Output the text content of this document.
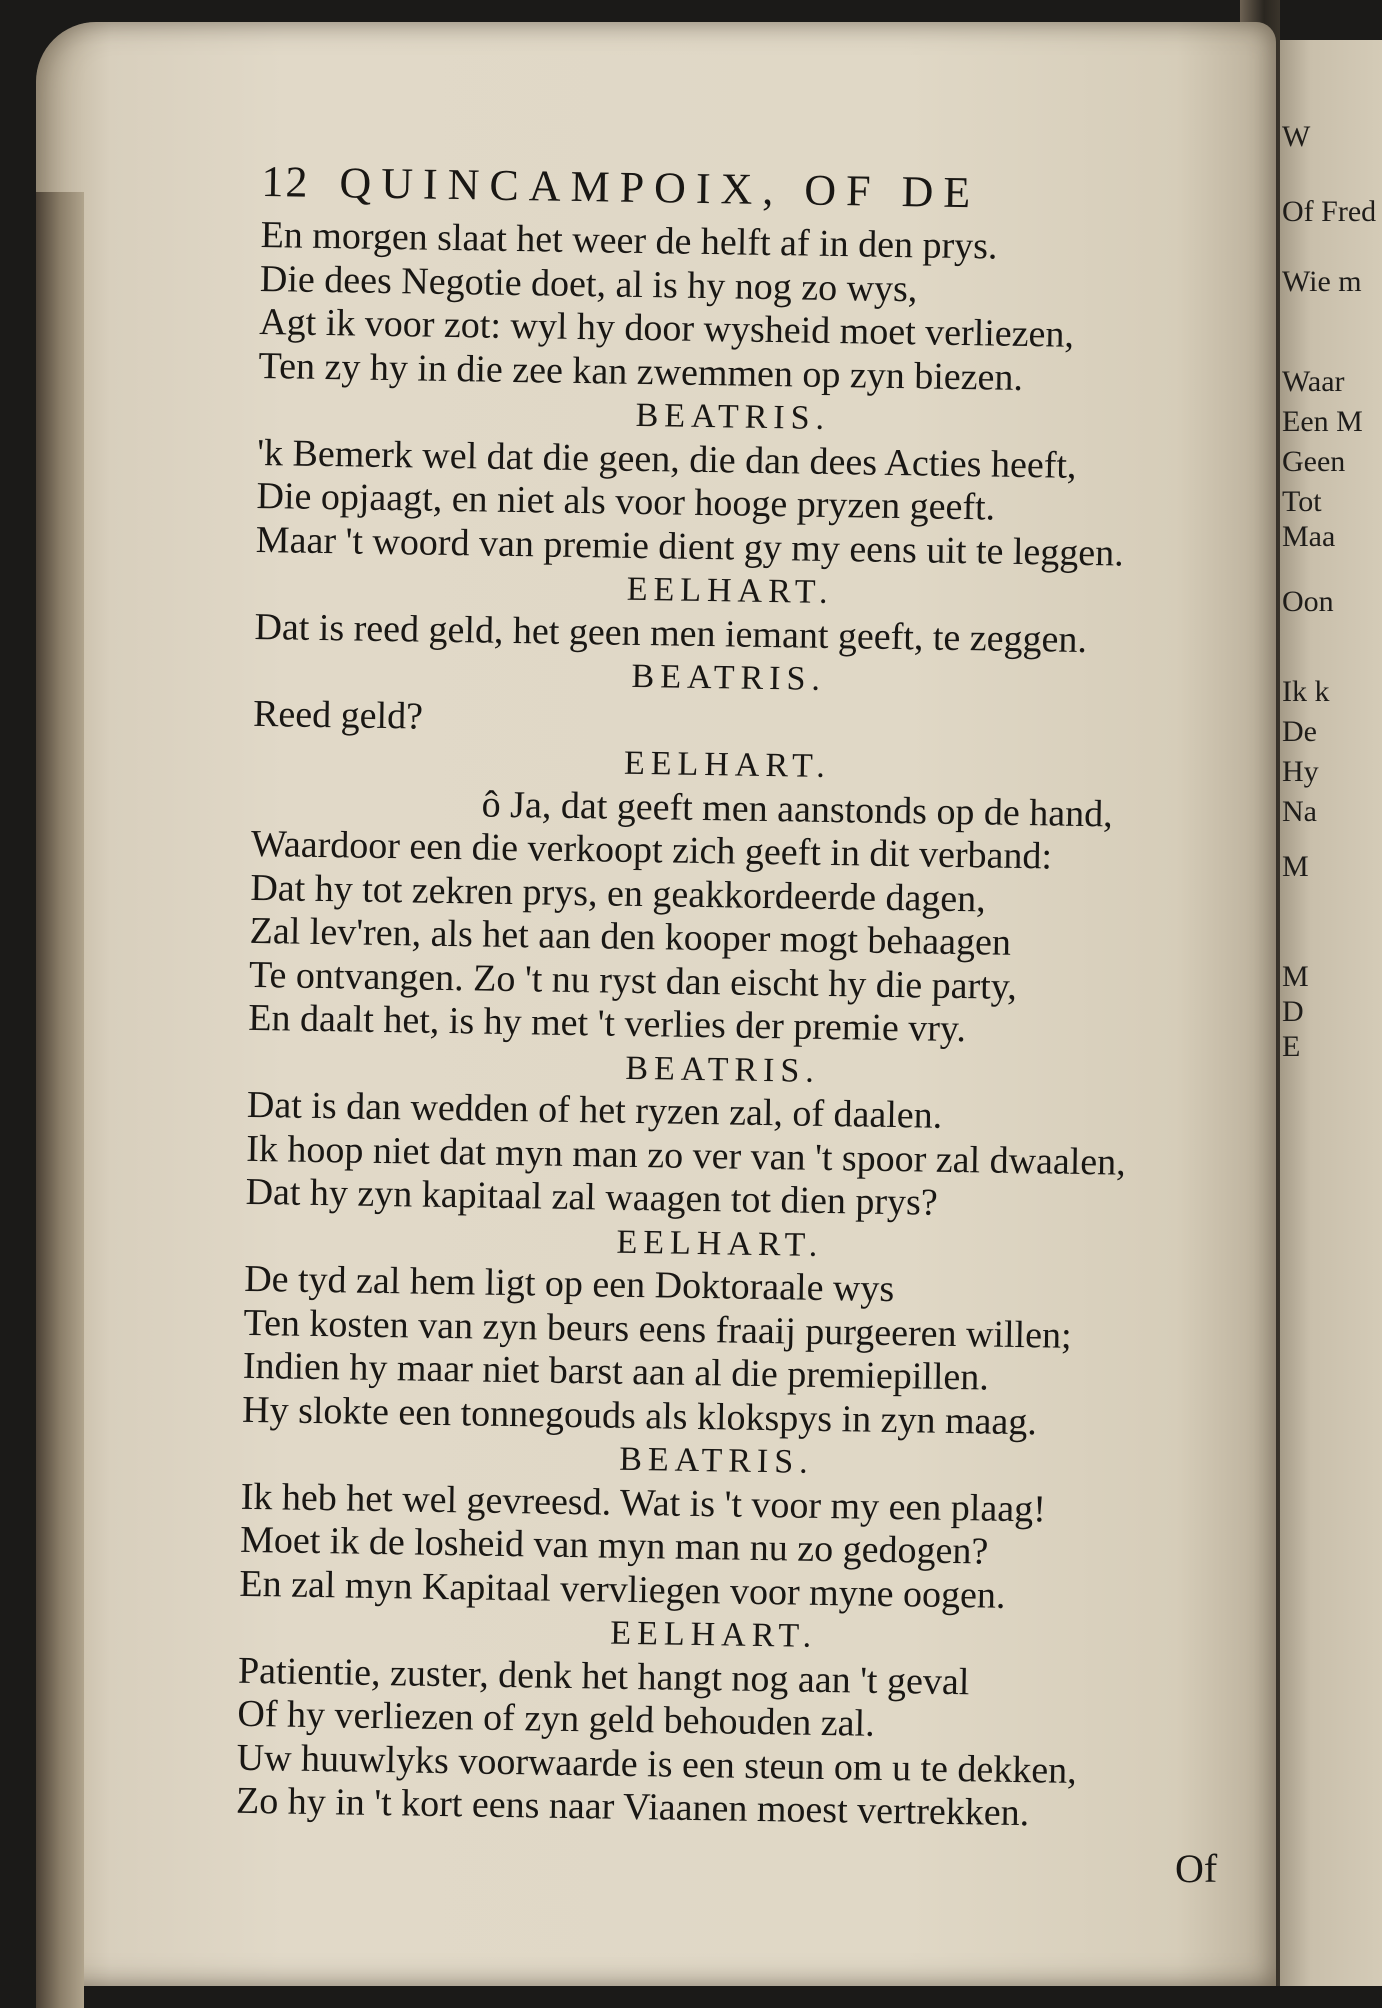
12 QUINCAMPOIX, OF DE
En morgen slaat het weer de helft af in den prys.
Die dees Negotie doet, al is hy nog zo wys,
Agt ik voor zot: wyl hy door wysheid moet verliezen,
Ten zy hy in die zee kan zwemmen op zyn biezen.
BEATRIS.
'k Bemerk wel dat die geen, die dan dees Acties heeft,
Die opjaagt, en niet als voor hooge pryzen geeft.
Maar 't woord van premie dient gy my eens uit te leggen.
EELHART.
Dat is reed geld, het geen men iemant geeft, te zeggen.
BEATRIS.
Reed geld?
EELHART.
ô Ja, dat geeft men aanstonds op de hand,
Waardoor een die verkoopt zich geeft in dit verband:
Dat hy tot zekren prys, en geakkordeerde dagen,
Zal lev'ren, als het aan den kooper mogt behaagen
Te ontvangen. Zo 't nu ryst dan eischt hy die party,
En daalt het, is hy met 't verlies der premie vry.
BEATRIS.
Dat is dan wedden of het ryzen zal, of daalen.
Ik hoop niet dat myn man zo ver van 't spoor zal dwaalen,
Dat hy zyn kapitaal zal waagen tot dien prys?
EELHART.
De tyd zal hem ligt op een Doktoraale wys
Ten kosten van zyn beurs eens fraaij purgeeren willen;
Indien hy maar niet barst aan al die premiepillen.
Hy slokte een tonnegouds als klokspys in zyn maag.
BEATRIS.
Ik heb het wel gevreesd. Wat is 't voor my een plaag!
Moet ik de losheid van myn man nu zo gedogen?
En zal myn Kapitaal vervliegen voor myne oogen.
EELHART.
Patientie, zuster, denk het hangt nog aan 't geval
Of hy verliezen of zyn geld behouden zal.
Uw huuwlyks voorwaarde is een steun om u te dekken,
Zo hy in 't kort eens naar Viaanen moest vertrekken.
Of
W
Of Fred
Wie m
Waar
Een M
Geen
Tot
Maa
Oon
Ik k
De
Hy
Na
M
M
D
E
